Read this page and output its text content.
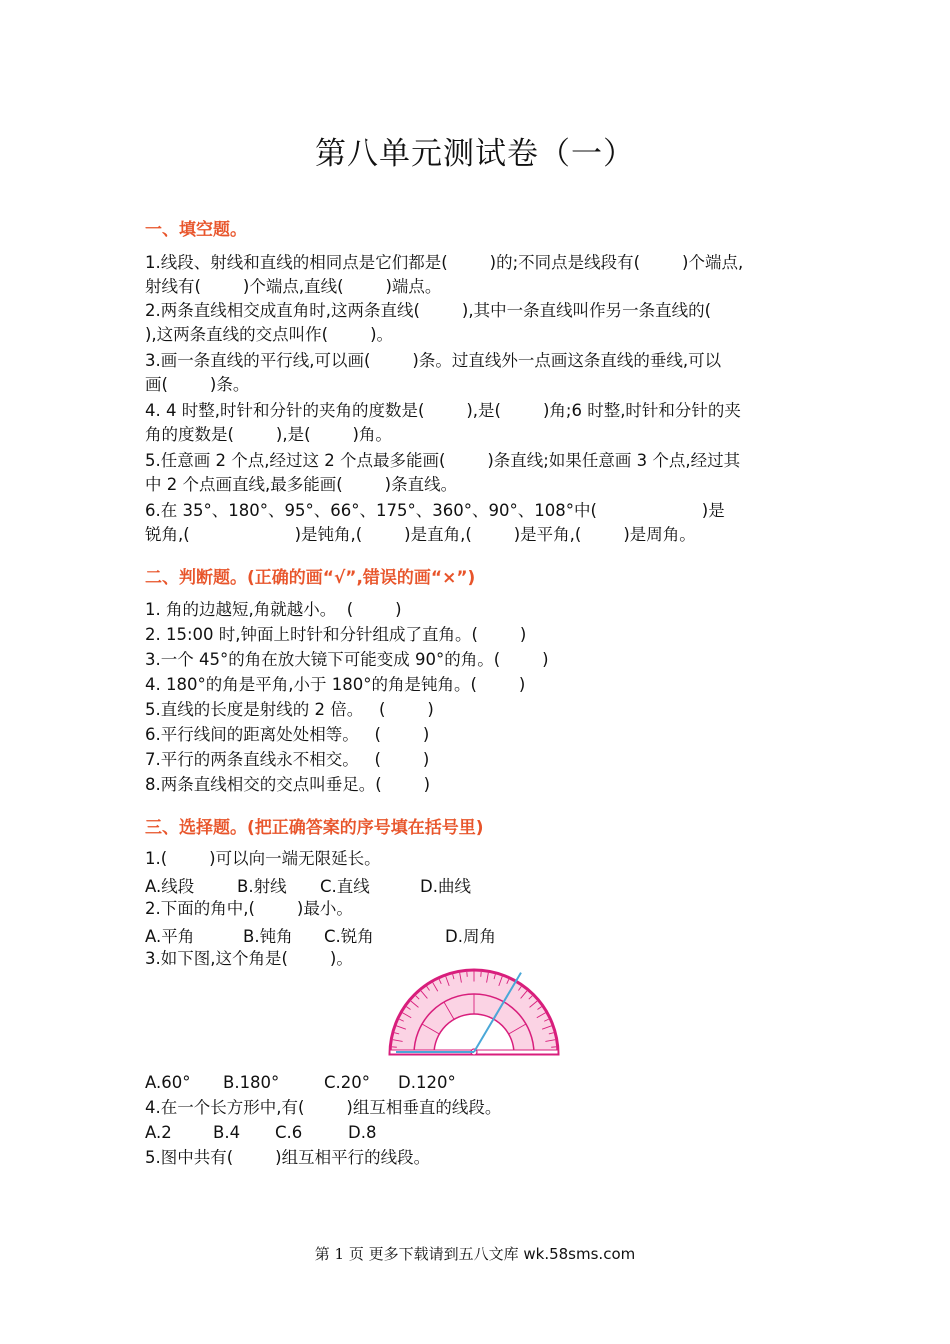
第八单元测试卷（一）
一、填空题。
1.线段、射线和直线的相同点是它们都是(        )的;不同点是线段有(        )个端点,
射线有(        )个端点,直线(        )端点。
2.两条直线相交成直角时,这两条直线(        ),其中一条直线叫作另一条直线的(
),这两条直线的交点叫作(        )。
3.画一条直线的平行线,可以画(        )条。过直线外一点画这条直线的垂线,可以
画(        )条。
4. 4 时整,时针和分针的夹角的度数是(        ),是(        )角;6 时整,时针和分针的夹
角的度数是(        ),是(        )角。
5.任意画 2 个点,经过这 2 个点最多能画(        )条直线;如果任意画 3 个点,经过其
中 2 个点画直线,最多能画(        )条直线。
6.在 35°、180°、95°、66°、175°、360°、90°、108°中(                    )是
锐角,(                    )是钝角,(        )是直角,(        )是平角,(        )是周角。
二、判断题。(正确的画“√”,错误的画“×”)
1. 角的边越短,角就越小。  (        )
2. 15:00 时,钟面上时针和分针组成了直角。(        )
3.一个 45°的角在放大镜下可能变成 90°的角。(        )
4. 180°的角是平角,小于 180°的角是钝角。(        )
5.直线的长度是射线的 2 倍。   (        )
6.平行线间的距离处处相等。   (        )
7.平行的两条直线永不相交。   (        )
8.两条直线相交的交点叫垂足。(        )
三、选择题。(把正确答案的序号填在括号里)
1.(        )可以向一端无限延长。
A.线段	B.射线 C.直线	D.曲线
2.下面的角中,(        )最小。
A.平角	B.钝角 C.锐角	D.周角
3.如下图,这个角是(        )。
A.60° B.180°	C.20° D.120°
4.在一个长方形中,有(        )组互相垂直的线段。
A.2	B.4 C.6	D.8
5.图中共有(        )组互相平行的线段。
第 1 页 更多下载请到五八文库 wk.58sms.com
